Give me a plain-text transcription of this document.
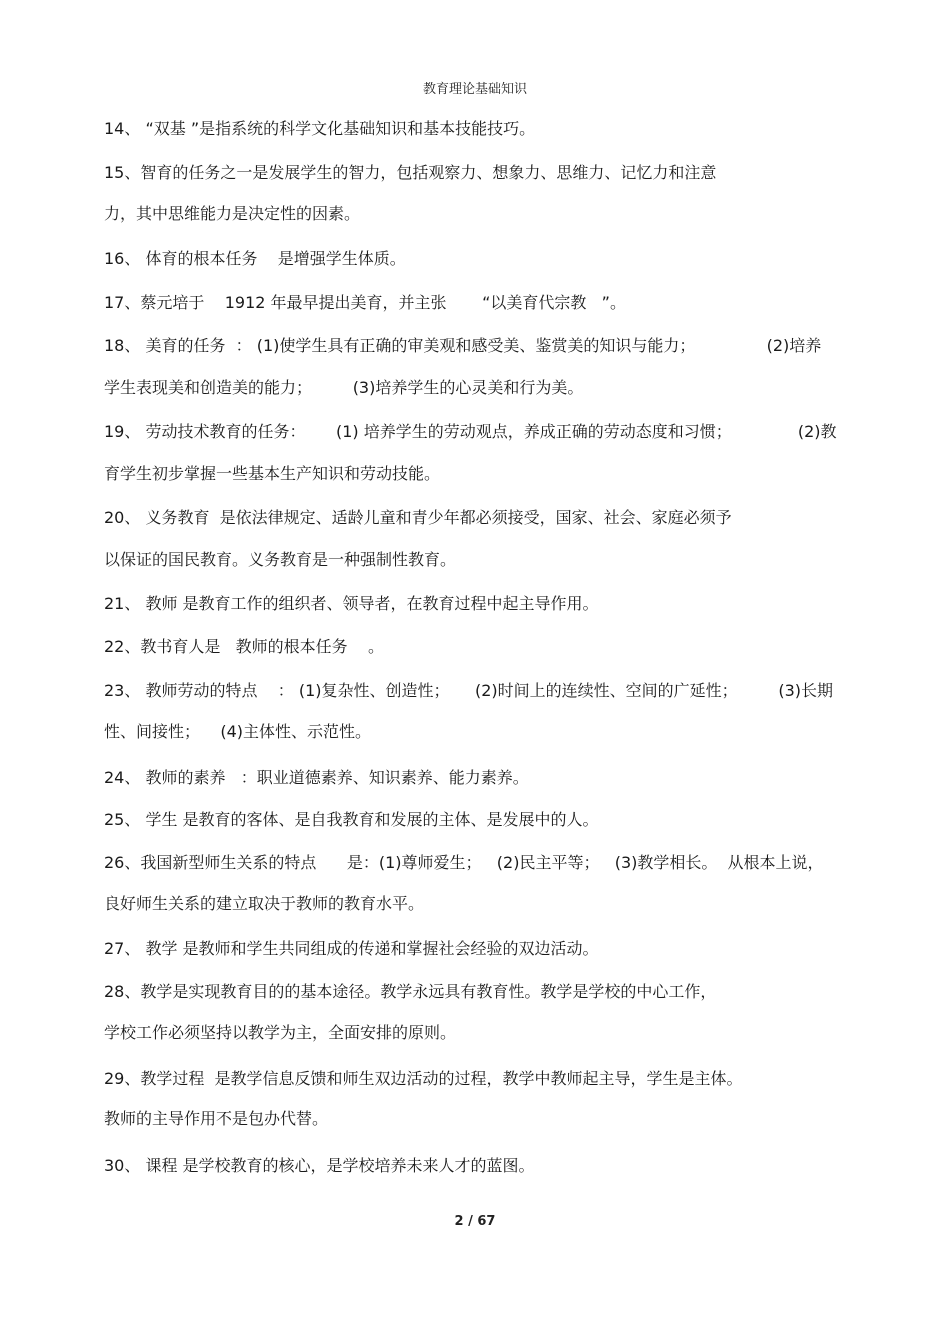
教育理论基础知识
14、 “双基 ”是指系统的科学文化基础知识和基本技能技巧。
15、智育的任务之一是发展学生的智力，包括观察力、想象力、思维力、记忆力和注意
力，其中思维能力是决定性的因素。
16、 体育的根本任务    是增强学生体质。
17、蔡元培于    1912 年最早提出美育，并主张       “以美育代宗教   ”。
18、 美育的任务  ： (1)使学生具有正确的审美观和感受美、鉴赏美的知识与能力；              (2)培养
学生表现美和创造美的能力；        (3)培养学生的心灵美和行为美。
19、 劳动技术教育的任务：      (1) 培养学生的劳动观点，养成正确的劳动态度和习惯；             (2)教
育学生初步掌握一些基本生产知识和劳动技能。
20、 义务教育  是依法律规定、适龄儿童和青少年都必须接受，国家、社会、家庭必须予
以保证的国民教育。义务教育是一种强制性教育。
21、 教师 是教育工作的组织者、领导者，在教育过程中起主导作用。
22、教书育人是   教师的根本任务    。
23、 教师劳动的特点    ： (1)复杂性、创造性；     (2)时间上的连续性、空间的广延性；        (3)长期
性、间接性；    (4)主体性、示范性。
24、 教师的素养   ：职业道德素养、知识素养、能力素养。
25、 学生 是教育的客体、是自我教育和发展的主体、是发展中的人。
26、我国新型师生关系的特点      是：(1)尊师爱生；   (2)民主平等；   (3)教学相长。  从根本上说，
良好师生关系的建立取决于教师的教育水平。
27、 教学 是教师和学生共同组成的传递和掌握社会经验的双边活动。
28、教学是实现教育目的的基本途径。教学永远具有教育性。教学是学校的中心工作，
学校工作必须坚持以教学为主，全面安排的原则。
29、教学过程  是教学信息反馈和师生双边活动的过程，教学中教师起主导，学生是主体。
教师的主导作用不是包办代替。
30、 课程 是学校教育的核心，是学校培养未来人才的蓝图。
2 / 67
